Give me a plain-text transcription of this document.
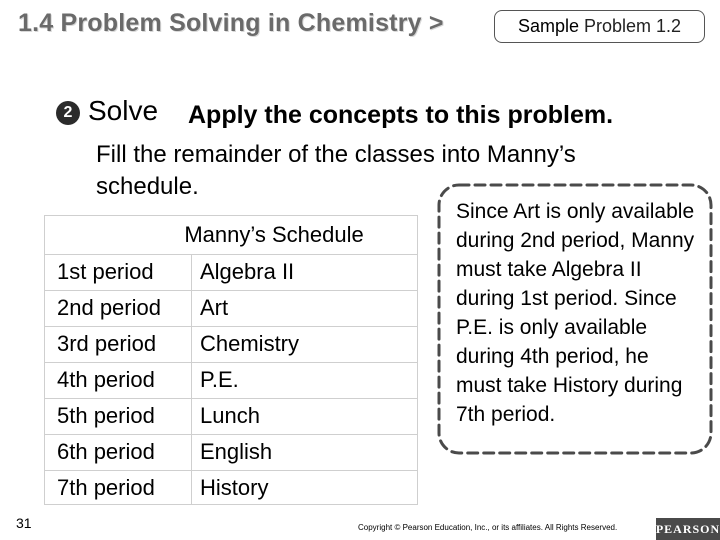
1.4 Problem Solving in Chemistry >	Sample Problem 1.2
2 Solve Apply the concepts to this problem.
Fill the remainder of the classes into Manny’s schedule.
Manny’s Schedule
1st period Algebra II
2nd period Art
3rd period Chemistry
4th period P.E.
5th period Lunch
6th period English
7th period History
Since Art is only available during 2nd period, Manny must take Algebra II during 1st period. Since P.E. is only available during 4th period, he must take History during 7th period.
31	Copyright © Pearson Education, Inc., or its affiliates. All Rights Reserved.	PEARSON
